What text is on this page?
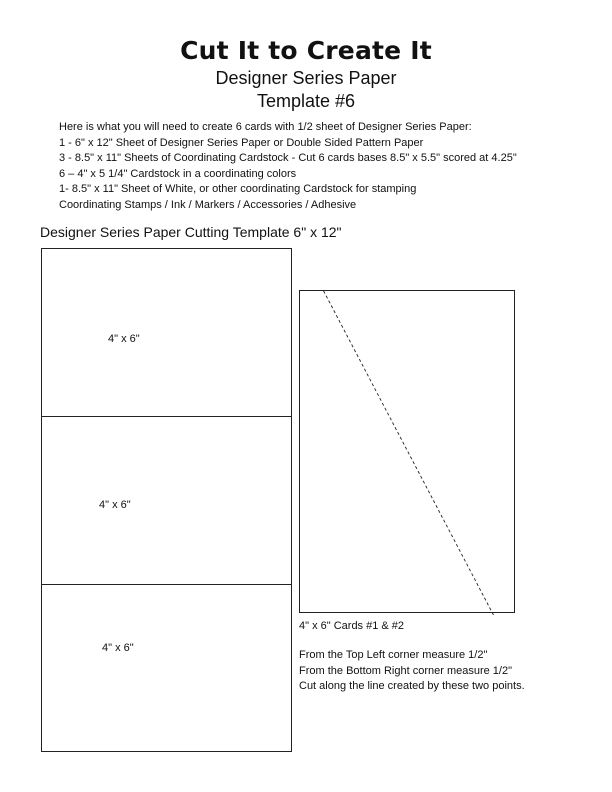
Cut It to Create It
Designer Series Paper
Template #6
Here is what you will need to create 6 cards with 1/2 sheet of Designer Series Paper:
1 - 6" x 12" Sheet of Designer Series Paper or Double Sided Pattern Paper
3 - 8.5" x 11" Sheets of Coordinating Cardstock - Cut 6 cards bases 8.5" x 5.5" scored at 4.25"
6 – 4" x 5 1/4" Cardstock in a coordinating colors
1- 8.5" x 11" Sheet of White, or other coordinating Cardstock for stamping
Coordinating Stamps / Ink / Markers / Accessories / Adhesive
Designer Series Paper Cutting Template 6" x 12"
4" x 6"
4" x 6"
4" x 6"
4" x 6" Cards #1 & #2
From the Top Left corner measure 1/2"
From the Bottom Right corner measure 1/2"
Cut along the line created by these two points.
